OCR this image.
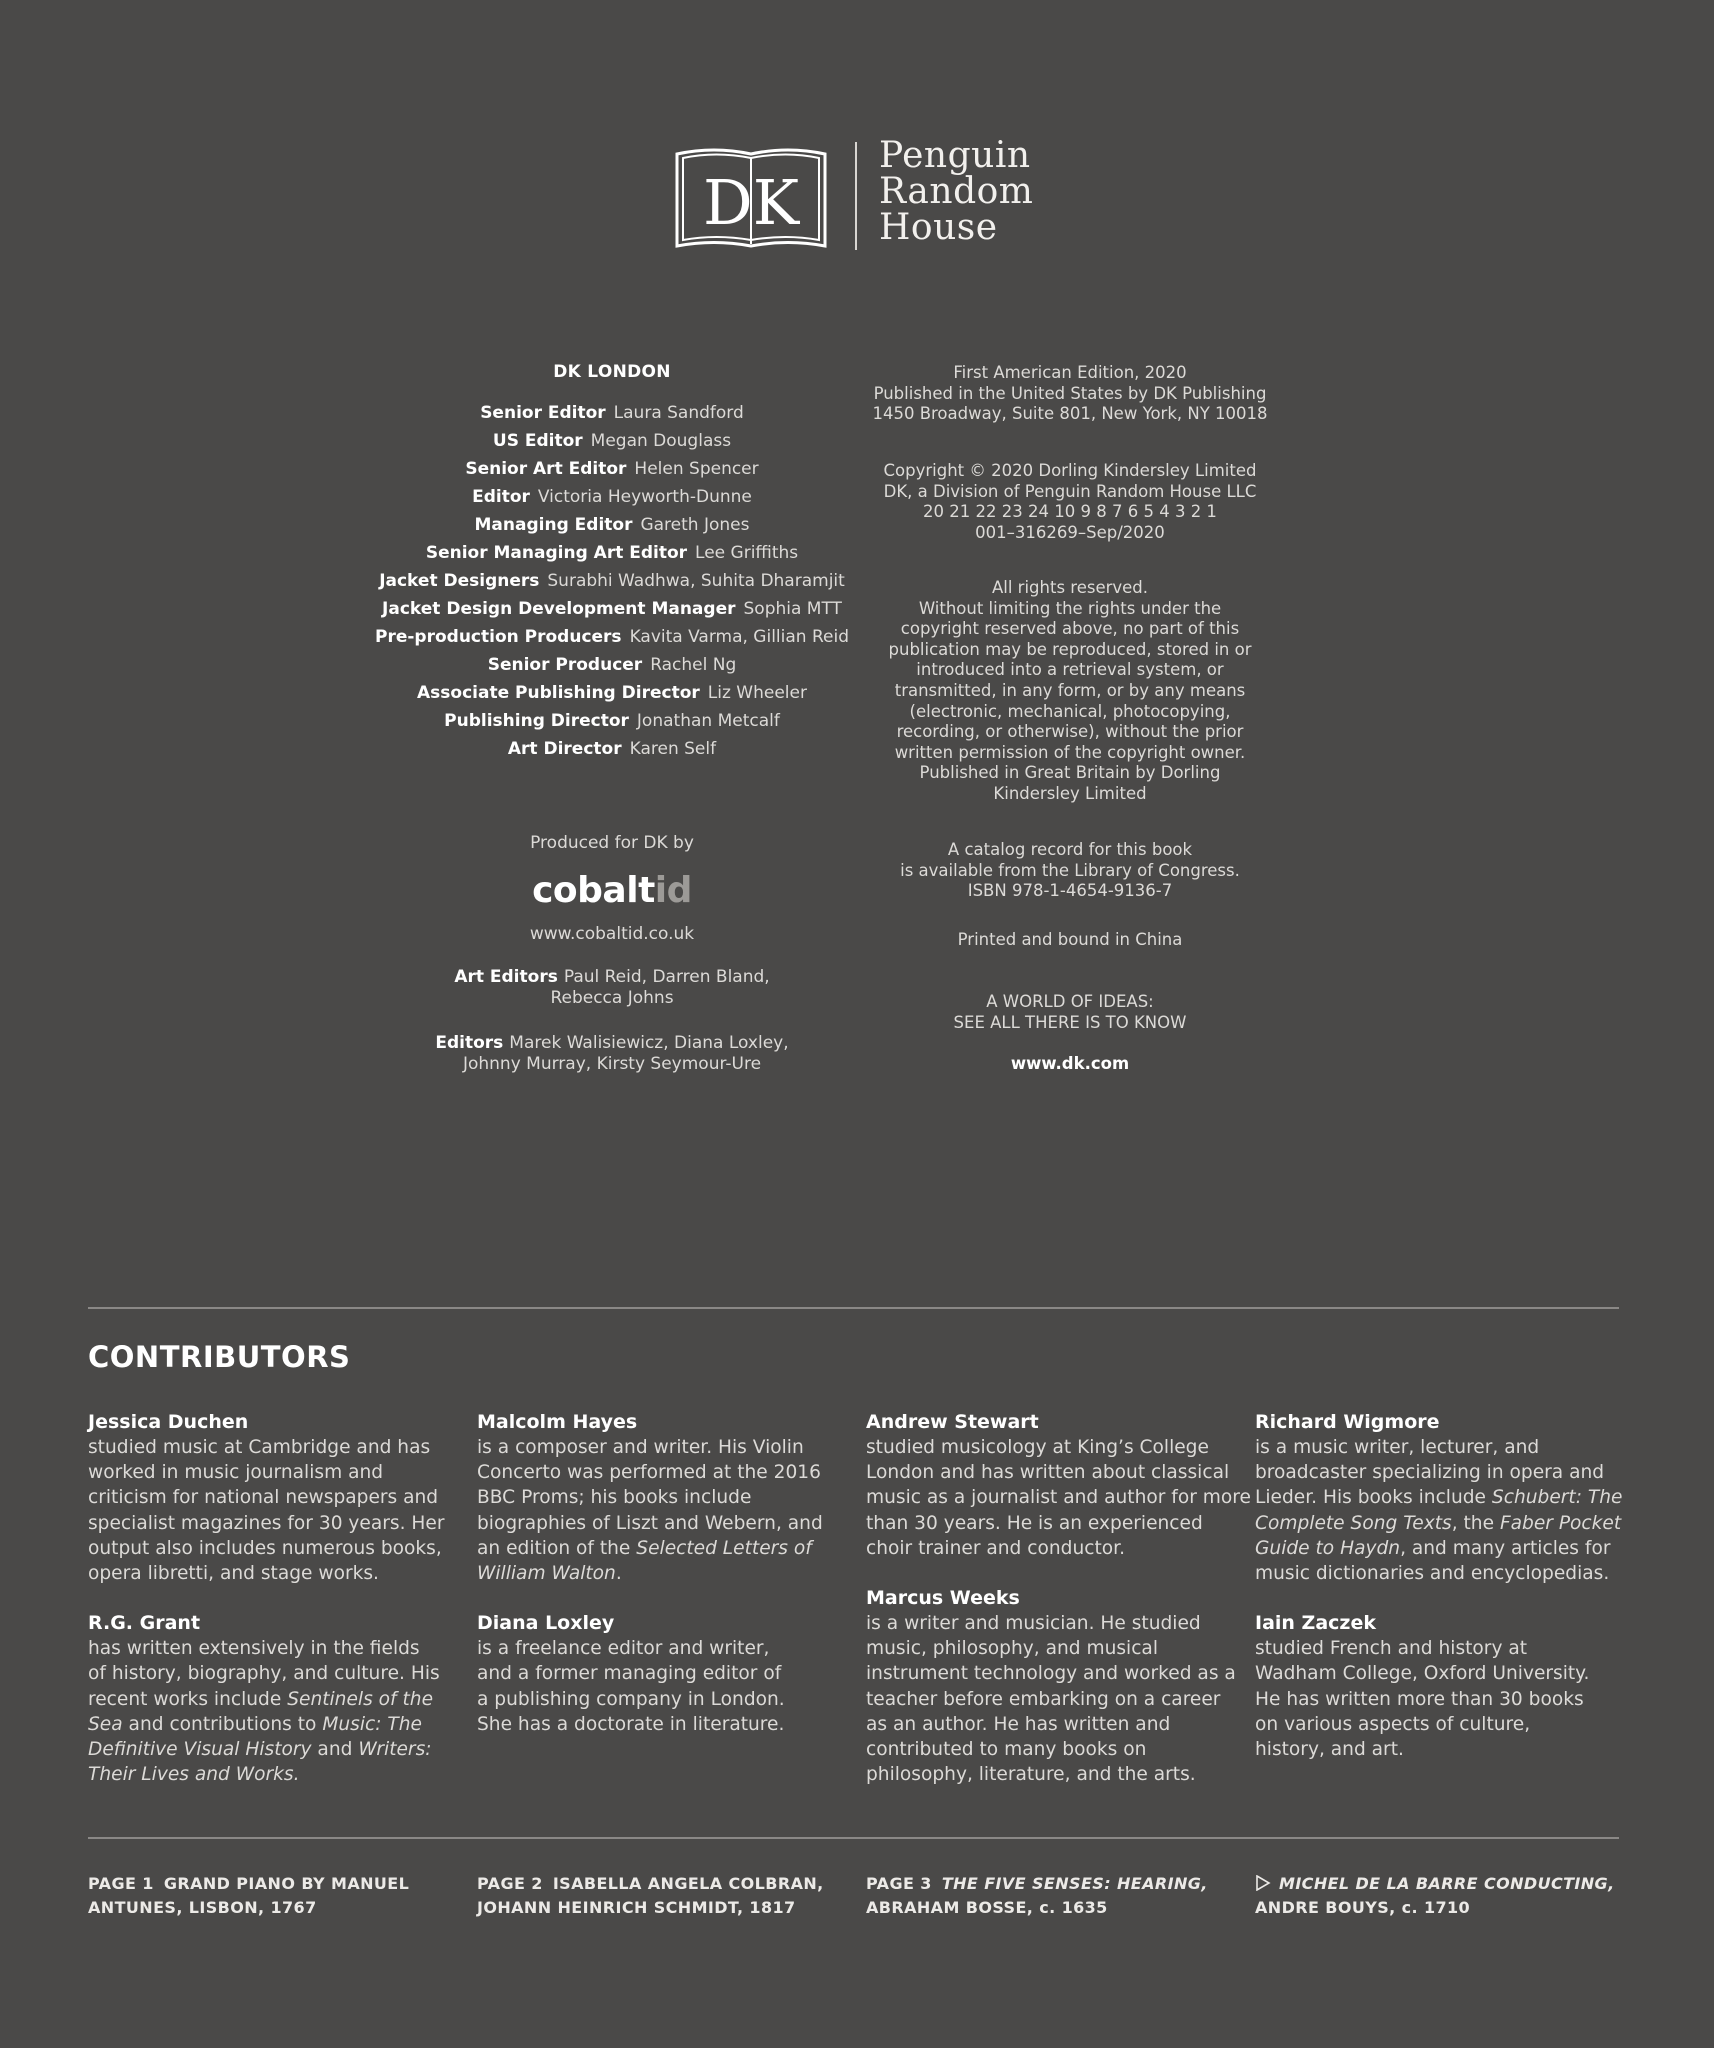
DK
Penguin
Random
House
DK LONDON
Senior Editor Laura Sandford
US Editor Megan Douglass
Senior Art Editor Helen Spencer
Editor Victoria Heyworth-Dunne
Managing Editor Gareth Jones
Senior Managing Art Editor Lee Griffiths
Jacket Designers Surabhi Wadhwa, Suhita Dharamjit
Jacket Design Development Manager Sophia MTT
Pre-production Producers Kavita Varma, Gillian Reid
Senior Producer Rachel Ng
Associate Publishing Director Liz Wheeler
Publishing Director Jonathan Metcalf
Art Director Karen Self
Produced for DK by
cobaltid
www.cobaltid.co.uk
Art Editors Paul Reid, Darren Bland,
Rebecca Johns
Editors Marek Walisiewicz, Diana Loxley,
Johnny Murray, Kirsty Seymour-Ure
First American Edition, 2020
Published in the United States by DK Publishing
1450 Broadway, Suite 801, New York, NY 10018
Copyright © 2020 Dorling Kindersley Limited
DK, a Division of Penguin Random House LLC
20 21 22 23 24 10 9 8 7 6 5 4 3 2 1
001–316269–Sep/2020
All rights reserved.
Without limiting the rights under the
copyright reserved above, no part of this
publication may be reproduced, stored in or
introduced into a retrieval system, or
transmitted, in any form, or by any means
(electronic, mechanical, photocopying,
recording, or otherwise), without the prior
written permission of the copyright owner.
Published in Great Britain by Dorling
Kindersley Limited
A catalog record for this book
is available from the Library of Congress.
ISBN 978-1-4654-9136-7
Printed and bound in China
A WORLD OF IDEAS:
SEE ALL THERE IS TO KNOW
www.dk.com
CONTRIBUTORS
Jessica Duchen
studied music at Cambridge and has
worked in music journalism and
criticism for national newspapers and
specialist magazines for 30 years. Her
output also includes numerous books,
opera libretti, and stage works.
R.G. Grant
has written extensively in the fields
of history, biography, and culture. His
recent works include Sentinels of the
Sea and contributions to Music: The
Definitive Visual History and Writers:
Their Lives and Works.
Malcolm Hayes
is a composer and writer. His Violin
Concerto was performed at the 2016
BBC Proms; his books include
biographies of Liszt and Webern, and
an edition of the Selected Letters of
William Walton.
Diana Loxley
is a freelance editor and writer,
and a former managing editor of
a publishing company in London.
She has a doctorate in literature.
Andrew Stewart
studied musicology at King’s College
London and has written about classical
music as a journalist and author for more
than 30 years. He is an experienced
choir trainer and conductor.
Marcus Weeks
is a writer and musician. He studied
music, philosophy, and musical
instrument technology and worked as a
teacher before embarking on a career
as an author. He has written and
contributed to many books on
philosophy, literature, and the arts.
Richard Wigmore
is a music writer, lecturer, and
broadcaster specializing in opera and
Lieder. His books include Schubert: The
Complete Song Texts, the Faber Pocket
Guide to Haydn, and many articles for
music dictionaries and encyclopedias.
Iain Zaczek
studied French and history at
Wadham College, Oxford University.
He has written more than 30 books
on various aspects of culture,
history, and art.
PAGE 1 GRAND PIANO BY MANUEL
ANTUNES, LISBON, 1767
PAGE 2 ISABELLA ANGELA COLBRAN,
JOHANN HEINRICH SCHMIDT, 1817
PAGE 3 THE FIVE SENSES: HEARING,
ABRAHAM BOSSE, c. 1635
MICHEL DE LA BARRE CONDUCTING,
ANDRE BOUYS, c. 1710
